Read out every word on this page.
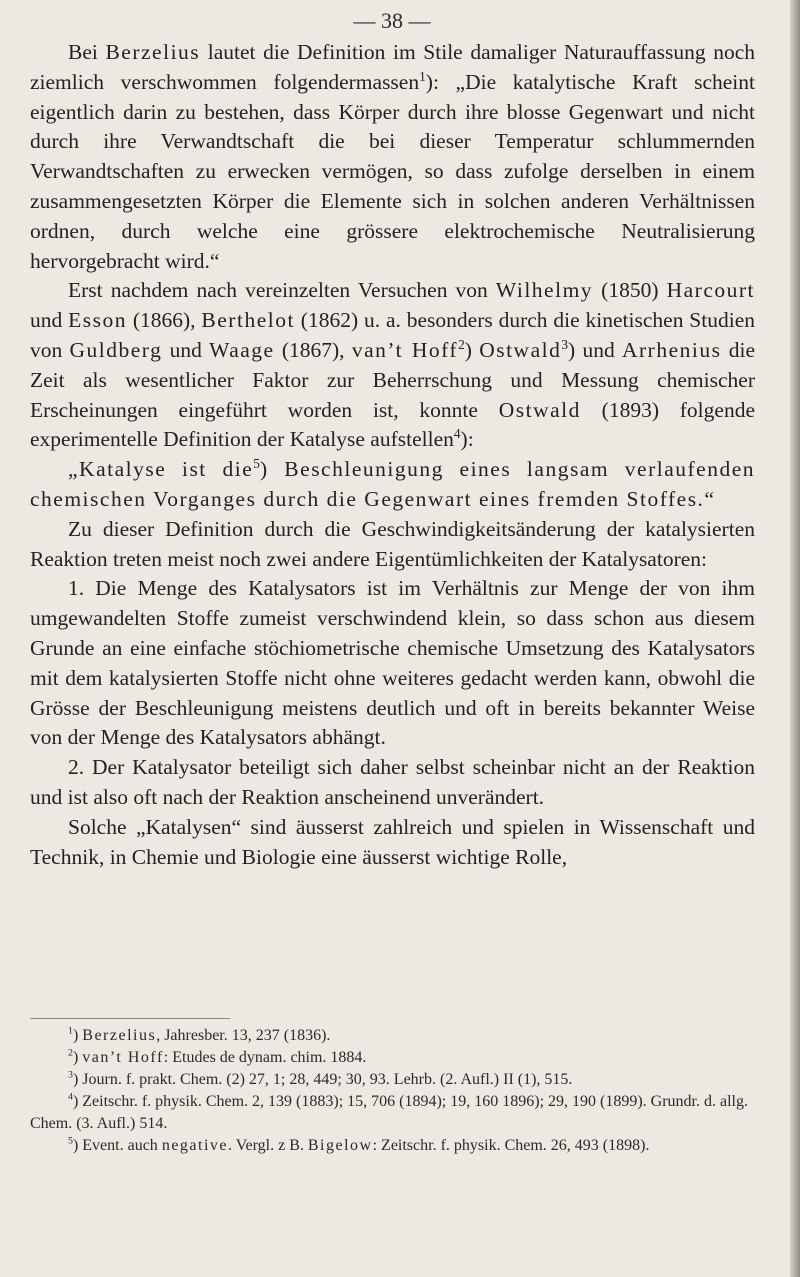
— 38 —

Bei Berzelius lautet die Definition im Stile damaliger Naturauffassung noch ziemlich verschwommen folgendermassen$^1$): „Die katalytische Kraft scheint eigentlich darin zu bestehen, dass Körper durch ihre blosse Gegenwart und nicht durch ihre Verwandtschaft die bei dieser Temperatur schlummernden Verwandtschaften zu erwecken vermögen, so dass zufolge derselben in einem zusammengesetzten Körper die Elemente sich in solchen anderen Verhältnissen ordnen, durch welche eine grössere elektrochemische Neutralisierung hervorgebracht wird.“

Erst nachdem nach vereinzelten Versuchen von Wilhelmy (1850) Harcourt und Esson (1866), Berthelot (1862) u. a. besonders durch die kinetischen Studien von Guldberg und Waage (1867), van’t Hoff$^2$) Ostwald$^3$) und Arrhenius die Zeit als wesentlicher Faktor zur Beherrschung und Messung chemischer Erscheinungen eingeführt worden ist, konnte Ostwald (1893) folgende experimentelle Definition der Katalyse aufstellen$^4$):

„Katalyse ist die$^5$) Beschleunigung eines langsam verlaufenden chemischen Vorganges durch die Gegenwart eines fremden Stoffes.“

Zu dieser Definition durch die Geschwindigkeitsänderung der katalysierten Reaktion treten meist noch zwei andere Eigentümlichkeiten der Katalysatoren:

1. Die Menge des Katalysators ist im Verhältnis zur Menge der von ihm umgewandelten Stoffe zumeist verschwindend klein, so dass schon aus diesem Grunde an eine einfache stöchiometrische chemische Umsetzung des Katalysators mit dem katalysierten Stoffe nicht ohne weiteres gedacht werden kann, obwohl die Grösse der Beschleunigung meistens deutlich und oft in bereits bekannter Weise von der Menge des Katalysators abhängt.

2. Der Katalysator beteiligt sich daher selbst scheinbar nicht an der Reaktion und ist also oft nach der Reaktion anscheinend unverändert.

Solche „Katalysen“ sind äusserst zahlreich und spielen in Wissenschaft und Technik, in Chemie und Biologie eine äusserst wichtige Rolle,

$^1$) Berzelius, Jahresber. 13, 237 (1836).

$^2$) van’t Hoff: Etudes de dynam. chim. 1884.

$^3$) Journ. f. prakt. Chem. (2) 27, 1; 28, 449; 30, 93. Lehrb. (2. Aufl.) II (1), 515.

$^4$) Zeitschr. f. physik. Chem. 2, 139 (1883); 15, 706 (1894); 19, 160 1896); 29, 190 (1899). Grundr. d. allg. Chem. (3. Aufl.) 514.

$^5$) Event. auch negative. Vergl. z B. Bigelow: Zeitschr. f. physik. Chem. 26, 493 (1898).
